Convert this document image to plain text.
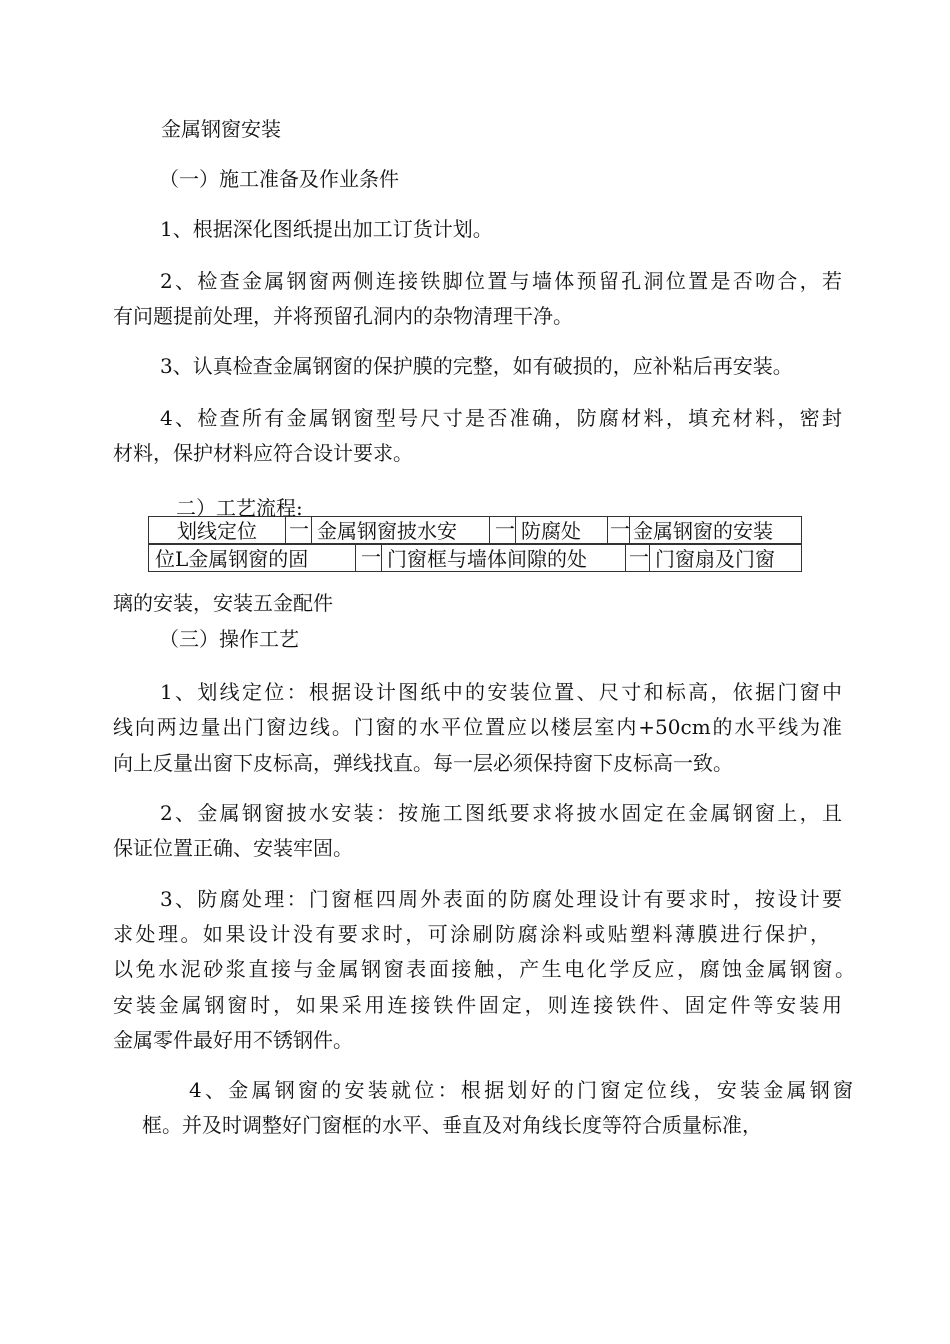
金属钢窗安装
（一）施工准备及作业条件
1、根据深化图纸提出加工订货计划。
2、检查金属钢窗两侧连接铁脚位置与墙体预留孔洞位置是否吻合，若
有问题提前处理，并将预留孔洞内的杂物清理干净。
3、认真检查金属钢窗的保护膜的完整，如有破损的，应补粘后再安装。
4、检查所有金属钢窗型号尺寸是否准确，防腐材料，填充材料，密封
材料，保护材料应符合设计要求。
二）工艺流程:
划线定位	一 金属钢窗披水安	一 防腐处	一 金属钢窗的安装
位L金属钢窗的固	一 门窗框与墙体间隙的处	一 门窗扇及门窗
璃的安装，安装五金配件
（三）操作工艺
1、划线定位：根据设计图纸中的安装位置、尺寸和标高，依据门窗中
线向两边量出门窗边线。门窗的水平位置应以楼层室内+50cm的水平线为准
向上反量出窗下皮标高，弹线找直。每一层必须保持窗下皮标高一致。
2、金属钢窗披水安装：按施工图纸要求将披水固定在金属钢窗上，且
保证位置正确、安装牢固。
3、防腐处理：门窗框四周外表面的防腐处理设计有要求时，按设计要
求处理。如果设计没有要求时，可涂刷防腐涂料或贴塑料薄膜进行保护，
以免水泥砂浆直接与金属钢窗表面接触，产生电化学反应，腐蚀金属钢窗。
安装金属钢窗时，如果采用连接铁件固定，则连接铁件、固定件等安装用
金属零件最好用不锈钢件。
4、金属钢窗的安装就位：根据划好的门窗定位线，安装金属钢窗
框。并及时调整好门窗框的水平、垂直及对角线长度等符合质量标准，
